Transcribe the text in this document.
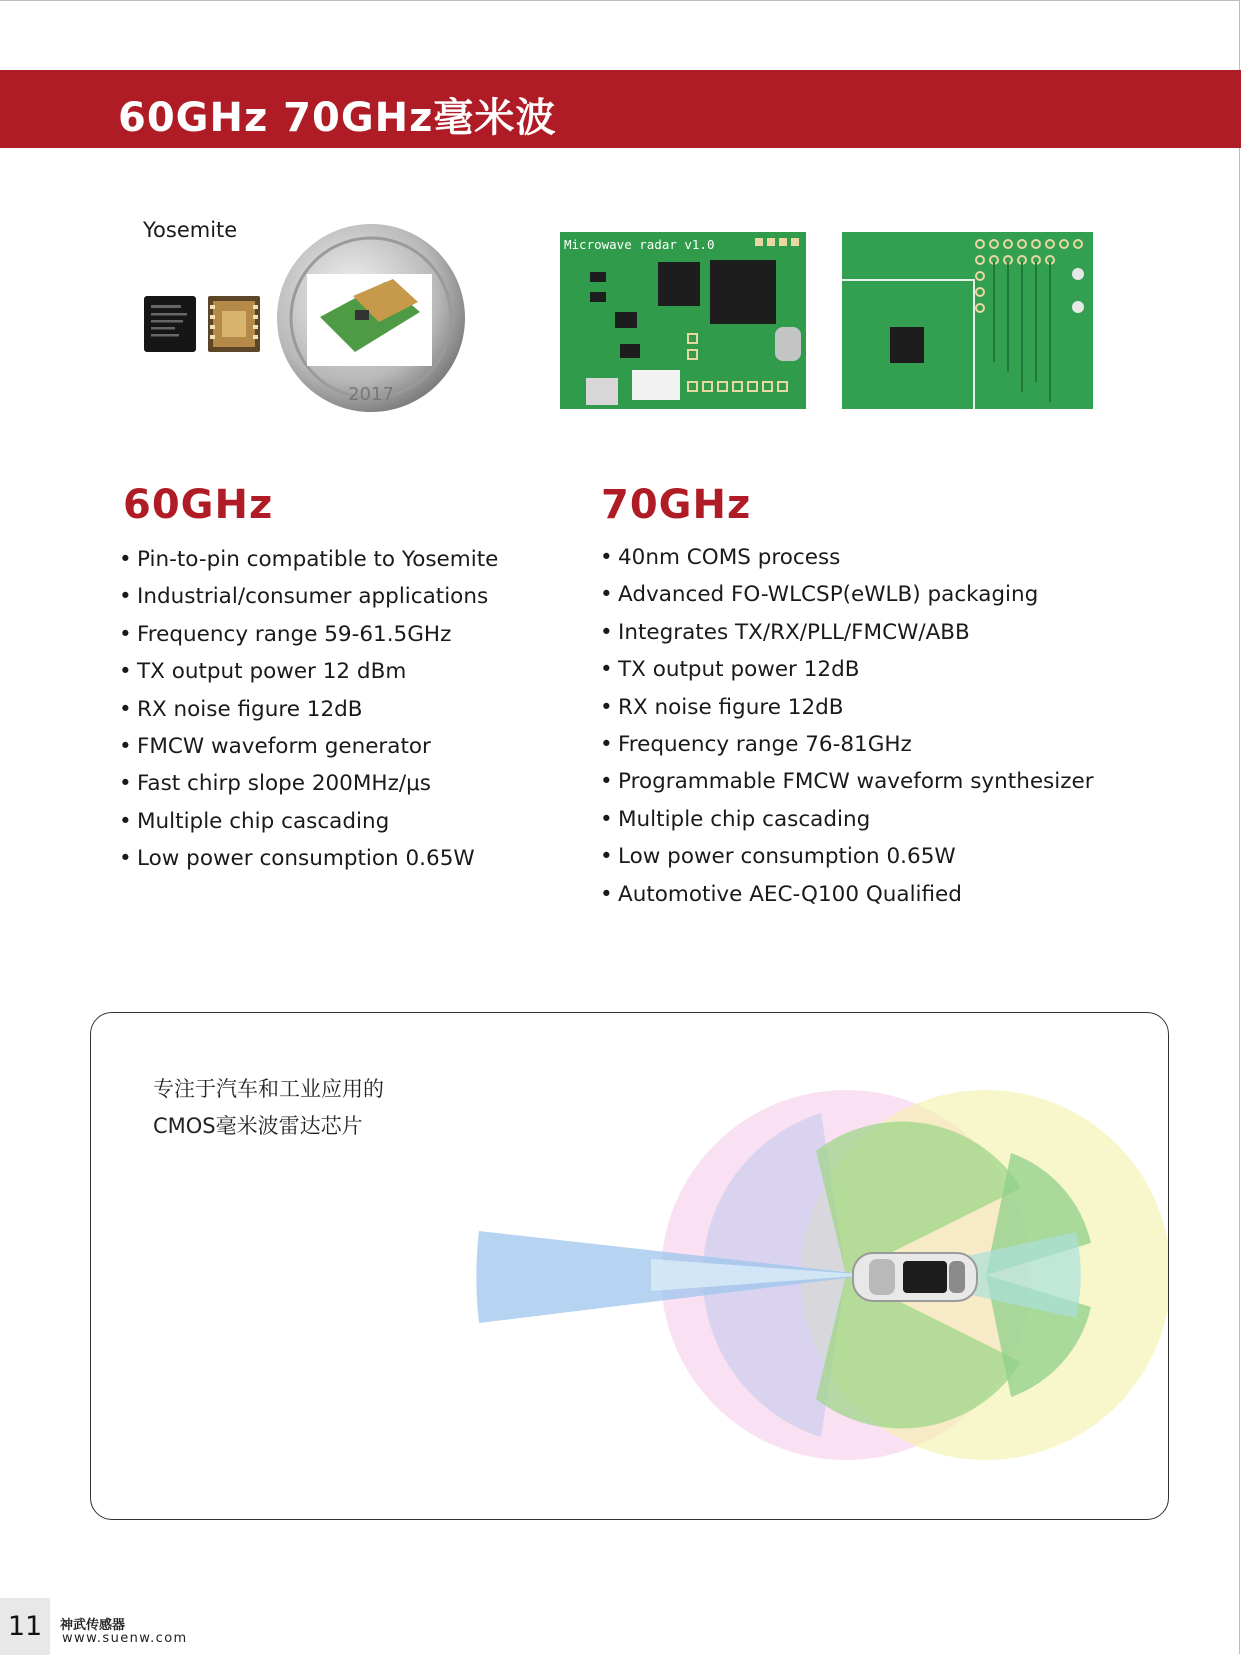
60GHz 70GHz毫米波
Yosemite
2017
Microwave radar v1.0
60GHz	70GHz
• Pin-to-pin compatible to Yosemite
• Industrial/consumer applications
• Frequency range 59-61.5GHz
• TX output power 12 dBm
• RX noise figure 12dB
• FMCW waveform generator
• Fast chirp slope 200MHz/μs
• Multiple chip cascading
• Low power consumption 0.65W
• 40nm COMS process
• Advanced FO-WLCSP(eWLB) packaging
• Integrates TX/RX/PLL/FMCW/ABB
• TX output power 12dB
• RX noise figure 12dB
• Frequency range 76-81GHz
• Programmable FMCW waveform synthesizer
• Multiple chip cascading
• Low power consumption 0.65W
• Automotive AEC-Q100 Qualified
专注于汽车和工业应用的
CMOS毫米波雷达芯片
11	神武传感器
www.suenw.com
